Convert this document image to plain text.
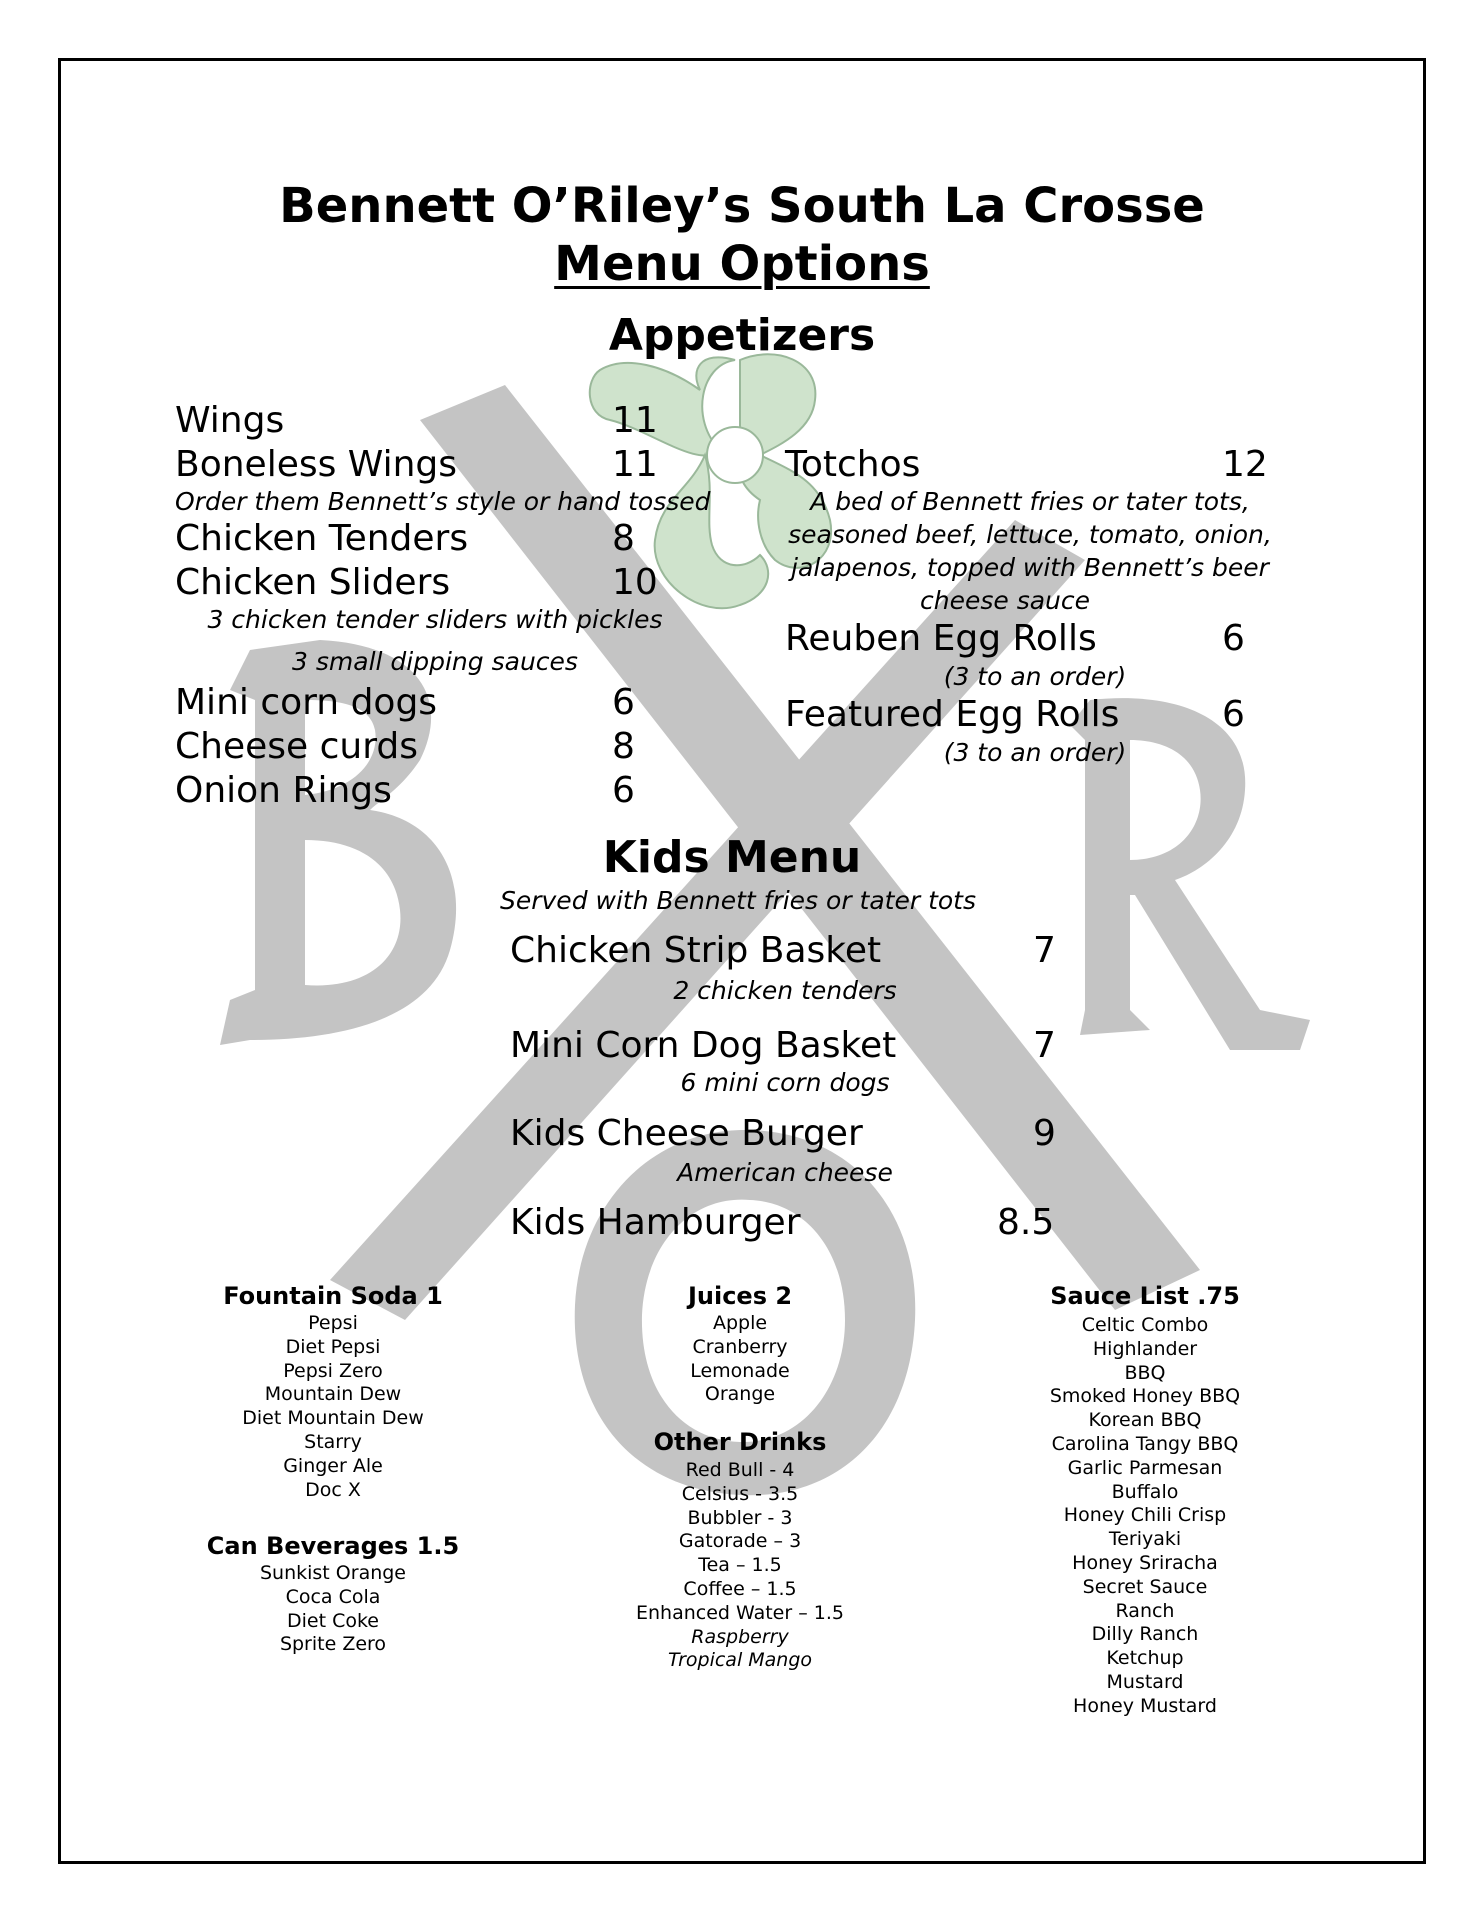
Bennett O’Riley’s South La Crosse
Menu Options
Appetizers
Wings	11
Boneless Wings	11
Order them Bennett’s style or hand tossed
Chicken Tenders	8
Chicken Sliders	10
3 chicken tender sliders with pickles
3 small dipping sauces
Mini corn dogs	6
Cheese curds	8
Onion Rings	6
Totchos	12
A bed of Bennett fries or tater tots,
seasoned beef, lettuce, tomato, onion,
jalapenos, topped with Bennett’s beer
cheese sauce
Reuben Egg Rolls	6
(3 to an order)
Featured Egg Rolls	6
(3 to an order)
Kids Menu
Served with Bennett fries or tater tots
Chicken Strip Basket	7
2 chicken tenders
Mini Corn Dog Basket	7
6 mini corn dogs
Kids Cheese Burger	9
American cheese
Kids Hamburger	8.5
Fountain Soda 1
Pepsi
Diet Pepsi
Pepsi Zero
Mountain Dew
Diet Mountain Dew
Starry
Ginger Ale
Doc X
Can Beverages 1.5
Sunkist Orange
Coca Cola
Diet Coke
Sprite Zero
Juices 2
Apple
Cranberry
Lemonade
Orange
Other Drinks
Red Bull - 4
Celsius - 3.5
Bubbler - 3
Gatorade – 3
Tea – 1.5
Coffee – 1.5
Enhanced Water – 1.5
Raspberry
Tropical Mango
Sauce List .75
Celtic Combo
Highlander
BBQ
Smoked Honey BBQ
Korean BBQ
Carolina Tangy BBQ
Garlic Parmesan
Buffalo
Honey Chili Crisp
Teriyaki
Honey Sriracha
Secret Sauce
Ranch
Dilly Ranch
Ketchup
Mustard
Honey Mustard
